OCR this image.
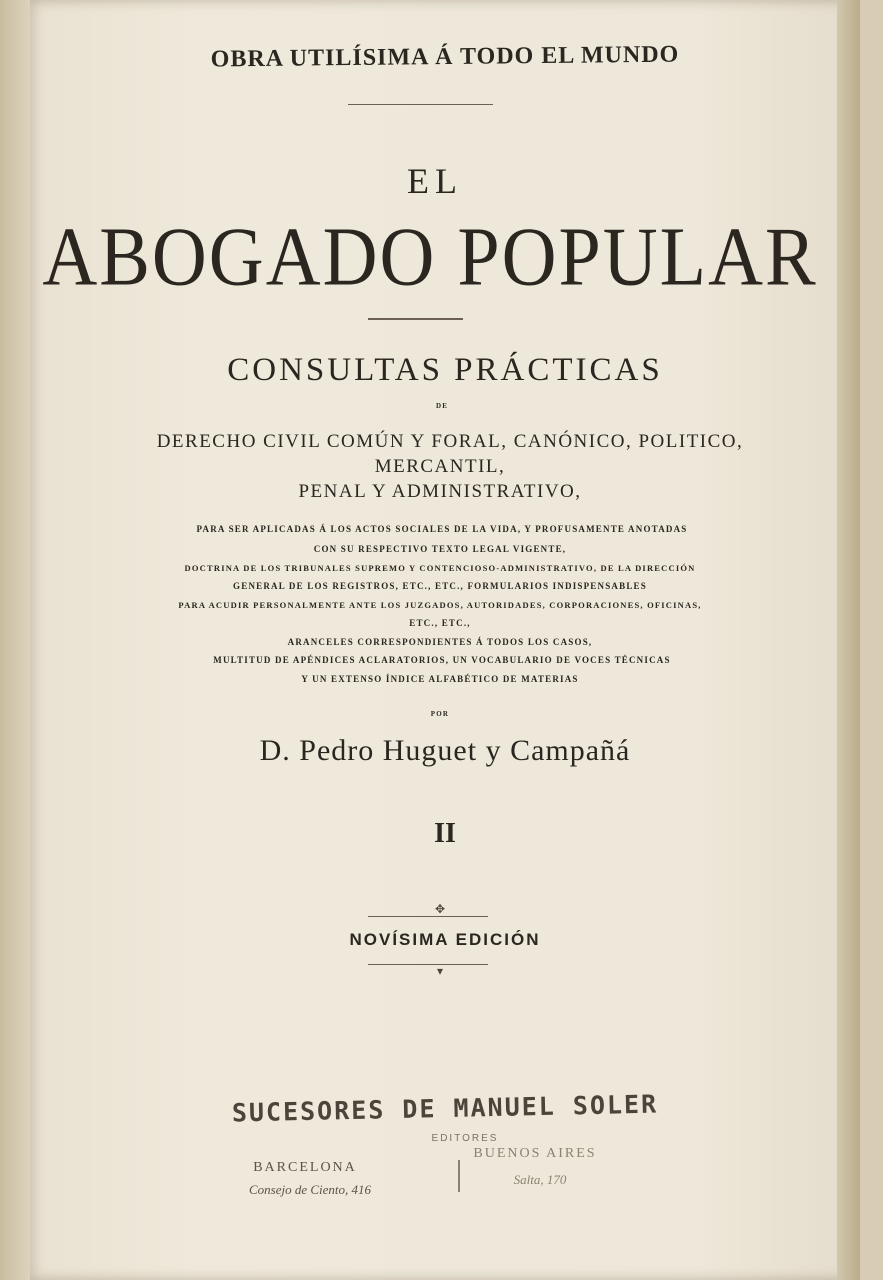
OBRA UTILÍSIMA Á TODO EL MUNDO
EL
ABOGADO POPULAR
CONSULTAS PRÁCTICAS
DE
DERECHO CIVIL COMÚN Y FORAL, CANÓNICO, POLITICO,
MERCANTIL,
PENAL Y ADMINISTRATIVO,
PARA SER APLICADAS Á LOS ACTOS SOCIALES DE LA VIDA, Y PROFUSAMENTE ANOTADAS
CON SU RESPECTIVO TEXTO LEGAL VIGENTE,
DOCTRINA DE LOS TRIBUNALES SUPREMO Y CONTENCIOSO-ADMINISTRATIVO, DE LA DIRECCIÓN
GENERAL DE LOS REGISTROS, ETC., ETC., FORMULARIOS INDISPENSABLES
PARA ACUDIR PERSONALMENTE ANTE LOS JUZGADOS, AUTORIDADES, CORPORACIONES, OFICINAS,
ETC., ETC.,
ARANCELES CORRESPONDIENTES Á TODOS LOS CASOS,
MULTITUD DE APÉNDICES ACLARATORIOS, UN VOCABULARIO DE VOCES TÉCNICAS
Y UN EXTENSO ÍNDICE ALFABÉTICO DE MATERIAS
POR
D. Pedro Huguet y Campañá
II
✥
NOVÍSIMA EDICIÓN
▾
SUCESORES DE MANUEL SOLER
EDITORES
BARCELONA
Consejo de Ciento, 416
BUENOS AIRES
Salta, 170
